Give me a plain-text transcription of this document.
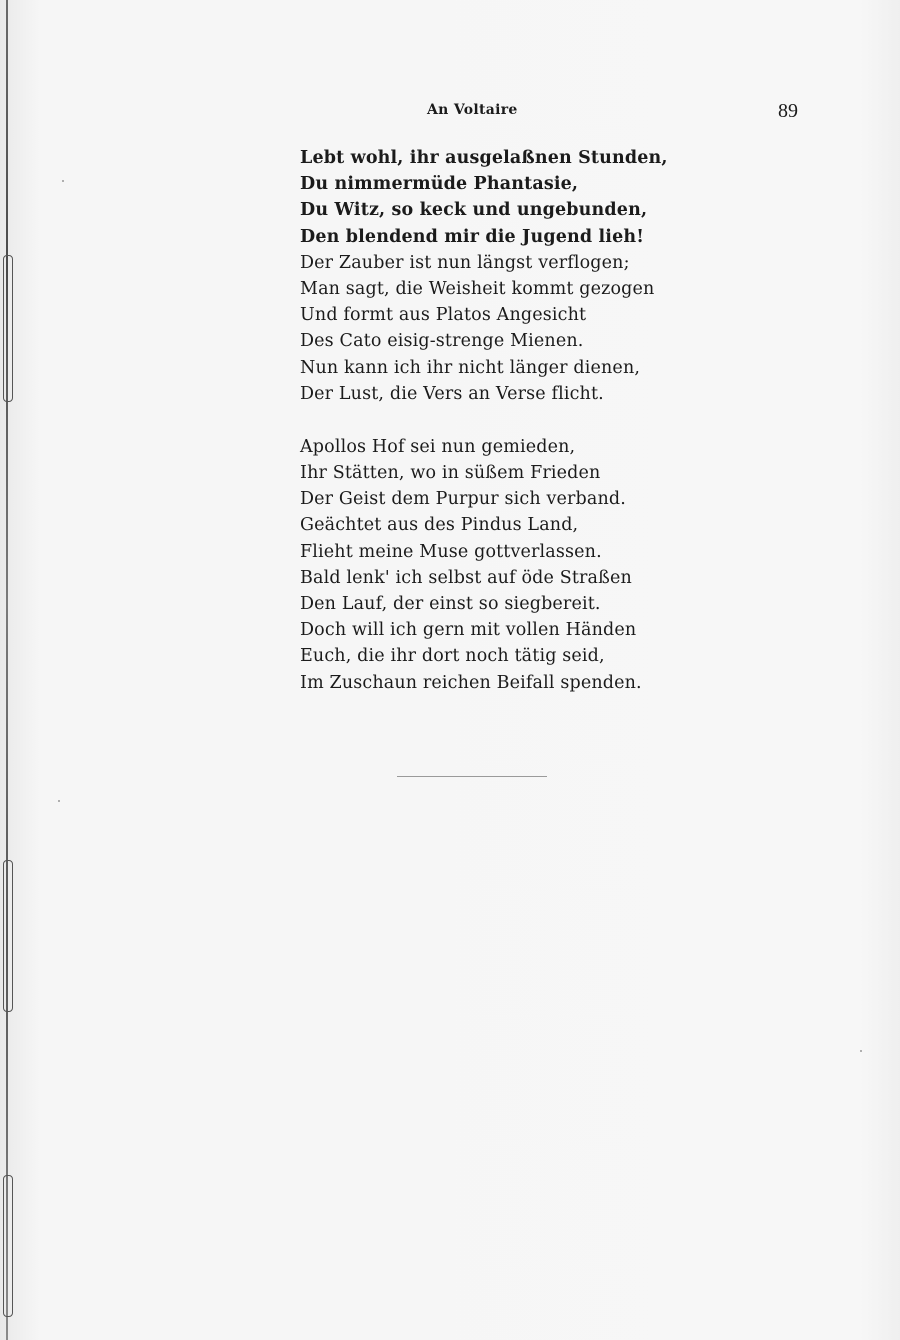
An Voltaire	89
Lebt wohl, ihr ausgelaßnen Stunden,
Du nimmermüde Phantasie,
Du Witz, so keck und ungebunden,
Den blendend mir die Jugend lieh!
Der Zauber ist nun längst verflogen;
Man sagt, die Weisheit kommt gezogen
Und formt aus Platos Angesicht
Des Cato eisig-strenge Mienen.
Nun kann ich ihr nicht länger dienen,
Der Lust, die Vers an Verse flicht.
Apollos Hof sei nun gemieden,
Ihr Stätten, wo in süßem Frieden
Der Geist dem Purpur sich verband.
Geächtet aus des Pindus Land,
Flieht meine Muse gottverlassen.
Bald lenk' ich selbst auf öde Straßen
Den Lauf, der einst so siegbereit.
Doch will ich gern mit vollen Händen
Euch, die ihr dort noch tätig seid,
Im Zuschaun reichen Beifall spenden.
